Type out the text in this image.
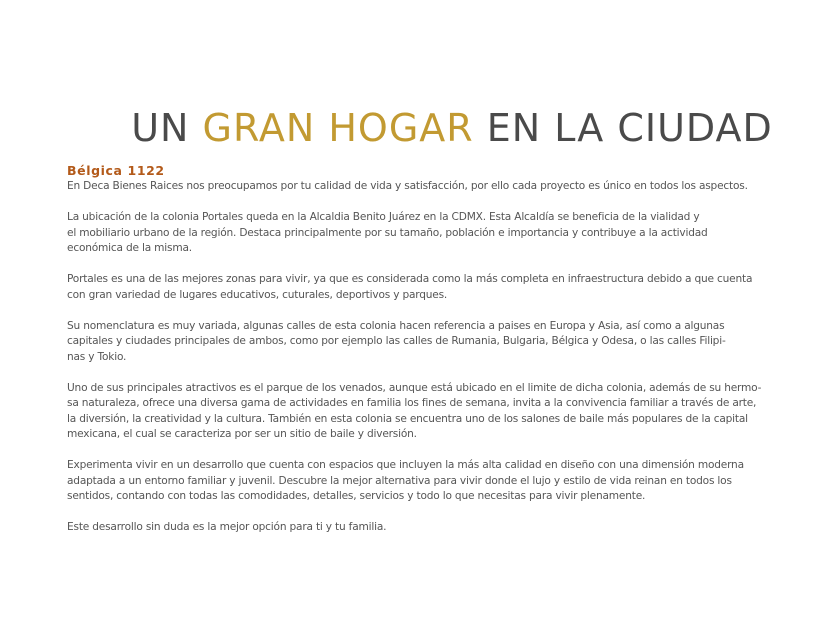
UN GRAN HOGAR EN LA CIUDAD

Bélgica 1122

En Deca Bienes Raices nos preocupamos por tu calidad de vida y satisfacción, por ello cada proyecto es único en todos los aspectos.

La ubicación de la colonia Portales queda en la Alcaldia Benito Juárez en la CDMX. Esta Alcaldía se beneficia de la vialidad y
el mobiliario urbano de la región. Destaca principalmente por su tamaño, población e importancia y contribuye a la actividad
económica de la misma.

Portales es una de las mejores zonas para vivir, ya que es considerada como la más completa en infraestructura debido a que cuenta
con gran variedad de lugares educativos, cuturales, deportivos y parques.

Su nomenclatura es muy variada, algunas calles de esta colonia hacen referencia a paises en Europa y Asia, así como a algunas
capitales y ciudades principales de ambos, como por ejemplo las calles de Rumania, Bulgaria, Bélgica y Odesa, o las calles Filipi-
nas y Tokio.

Uno de sus principales atractivos es el parque de los venados, aunque está ubicado en el limite de dicha colonia, además de su hermo-
sa naturaleza, ofrece una diversa gama de actividades en familia los fines de semana, invita a la convivencia familiar a través de arte,
la diversión, la creatividad y la cultura. También en esta colonia se encuentra uno de los salones de baile más populares de la capital
mexicana, el cual se caracteriza por ser un sitio de baile y diversión.

Experimenta vivir en un desarrollo que cuenta con espacios que incluyen la más alta calidad en diseño con una dimensión moderna
adaptada a un entorno familiar y juvenil. Descubre la mejor alternativa para vivir donde el lujo y estilo de vida reinan en todos los
sentidos, contando con todas las comodidades, detalles, servicios y todo lo que necesitas para vivir plenamente.

Este desarrollo sin duda es la mejor opción para ti y tu familia.
